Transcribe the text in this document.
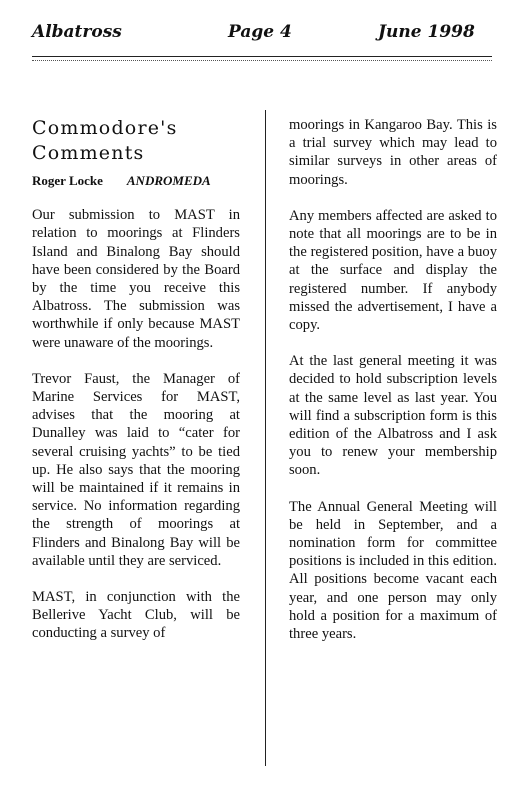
Albatross	Page 4	June 1998
Commodore's Comments
Roger Locke ANDROMEDA

Our submission to MAST in relation to moorings at Flinders Island and Binalong Bay should have been considered by the Board by the time you receive this Albatross. The submission was worthwhile if only because MAST were unaware of the moorings.

Trevor Faust, the Manager of Marine Services for MAST, advises that the mooring at Dunalley was laid to “cater for several cruising yachts” to be tied up. He also says that the mooring will be maintained if it remains in service. No information regarding the strength of moorings at Flinders and Binalong Bay will be available until they are serviced.

MAST, in conjunction with the Bellerive Yacht Club, will be conducting a survey of

moorings in Kangaroo Bay. This is a trial survey which may lead to similar surveys in other areas of moorings.

Any members affected are asked to note that all moorings are to be in the registered position, have a buoy at the surface and display the registered number. If anybody missed the advertisement, I have a copy.

At the last general meeting it was decided to hold subscription levels at the same level as last year. You will find a subscription form is this edition of the Albatross and I ask you to renew your membership soon.

The Annual General Meeting will be held in September, and a nomination form for committee positions is included in this edition. All positions become vacant each year, and one person may only hold a position for a maximum of three years.
